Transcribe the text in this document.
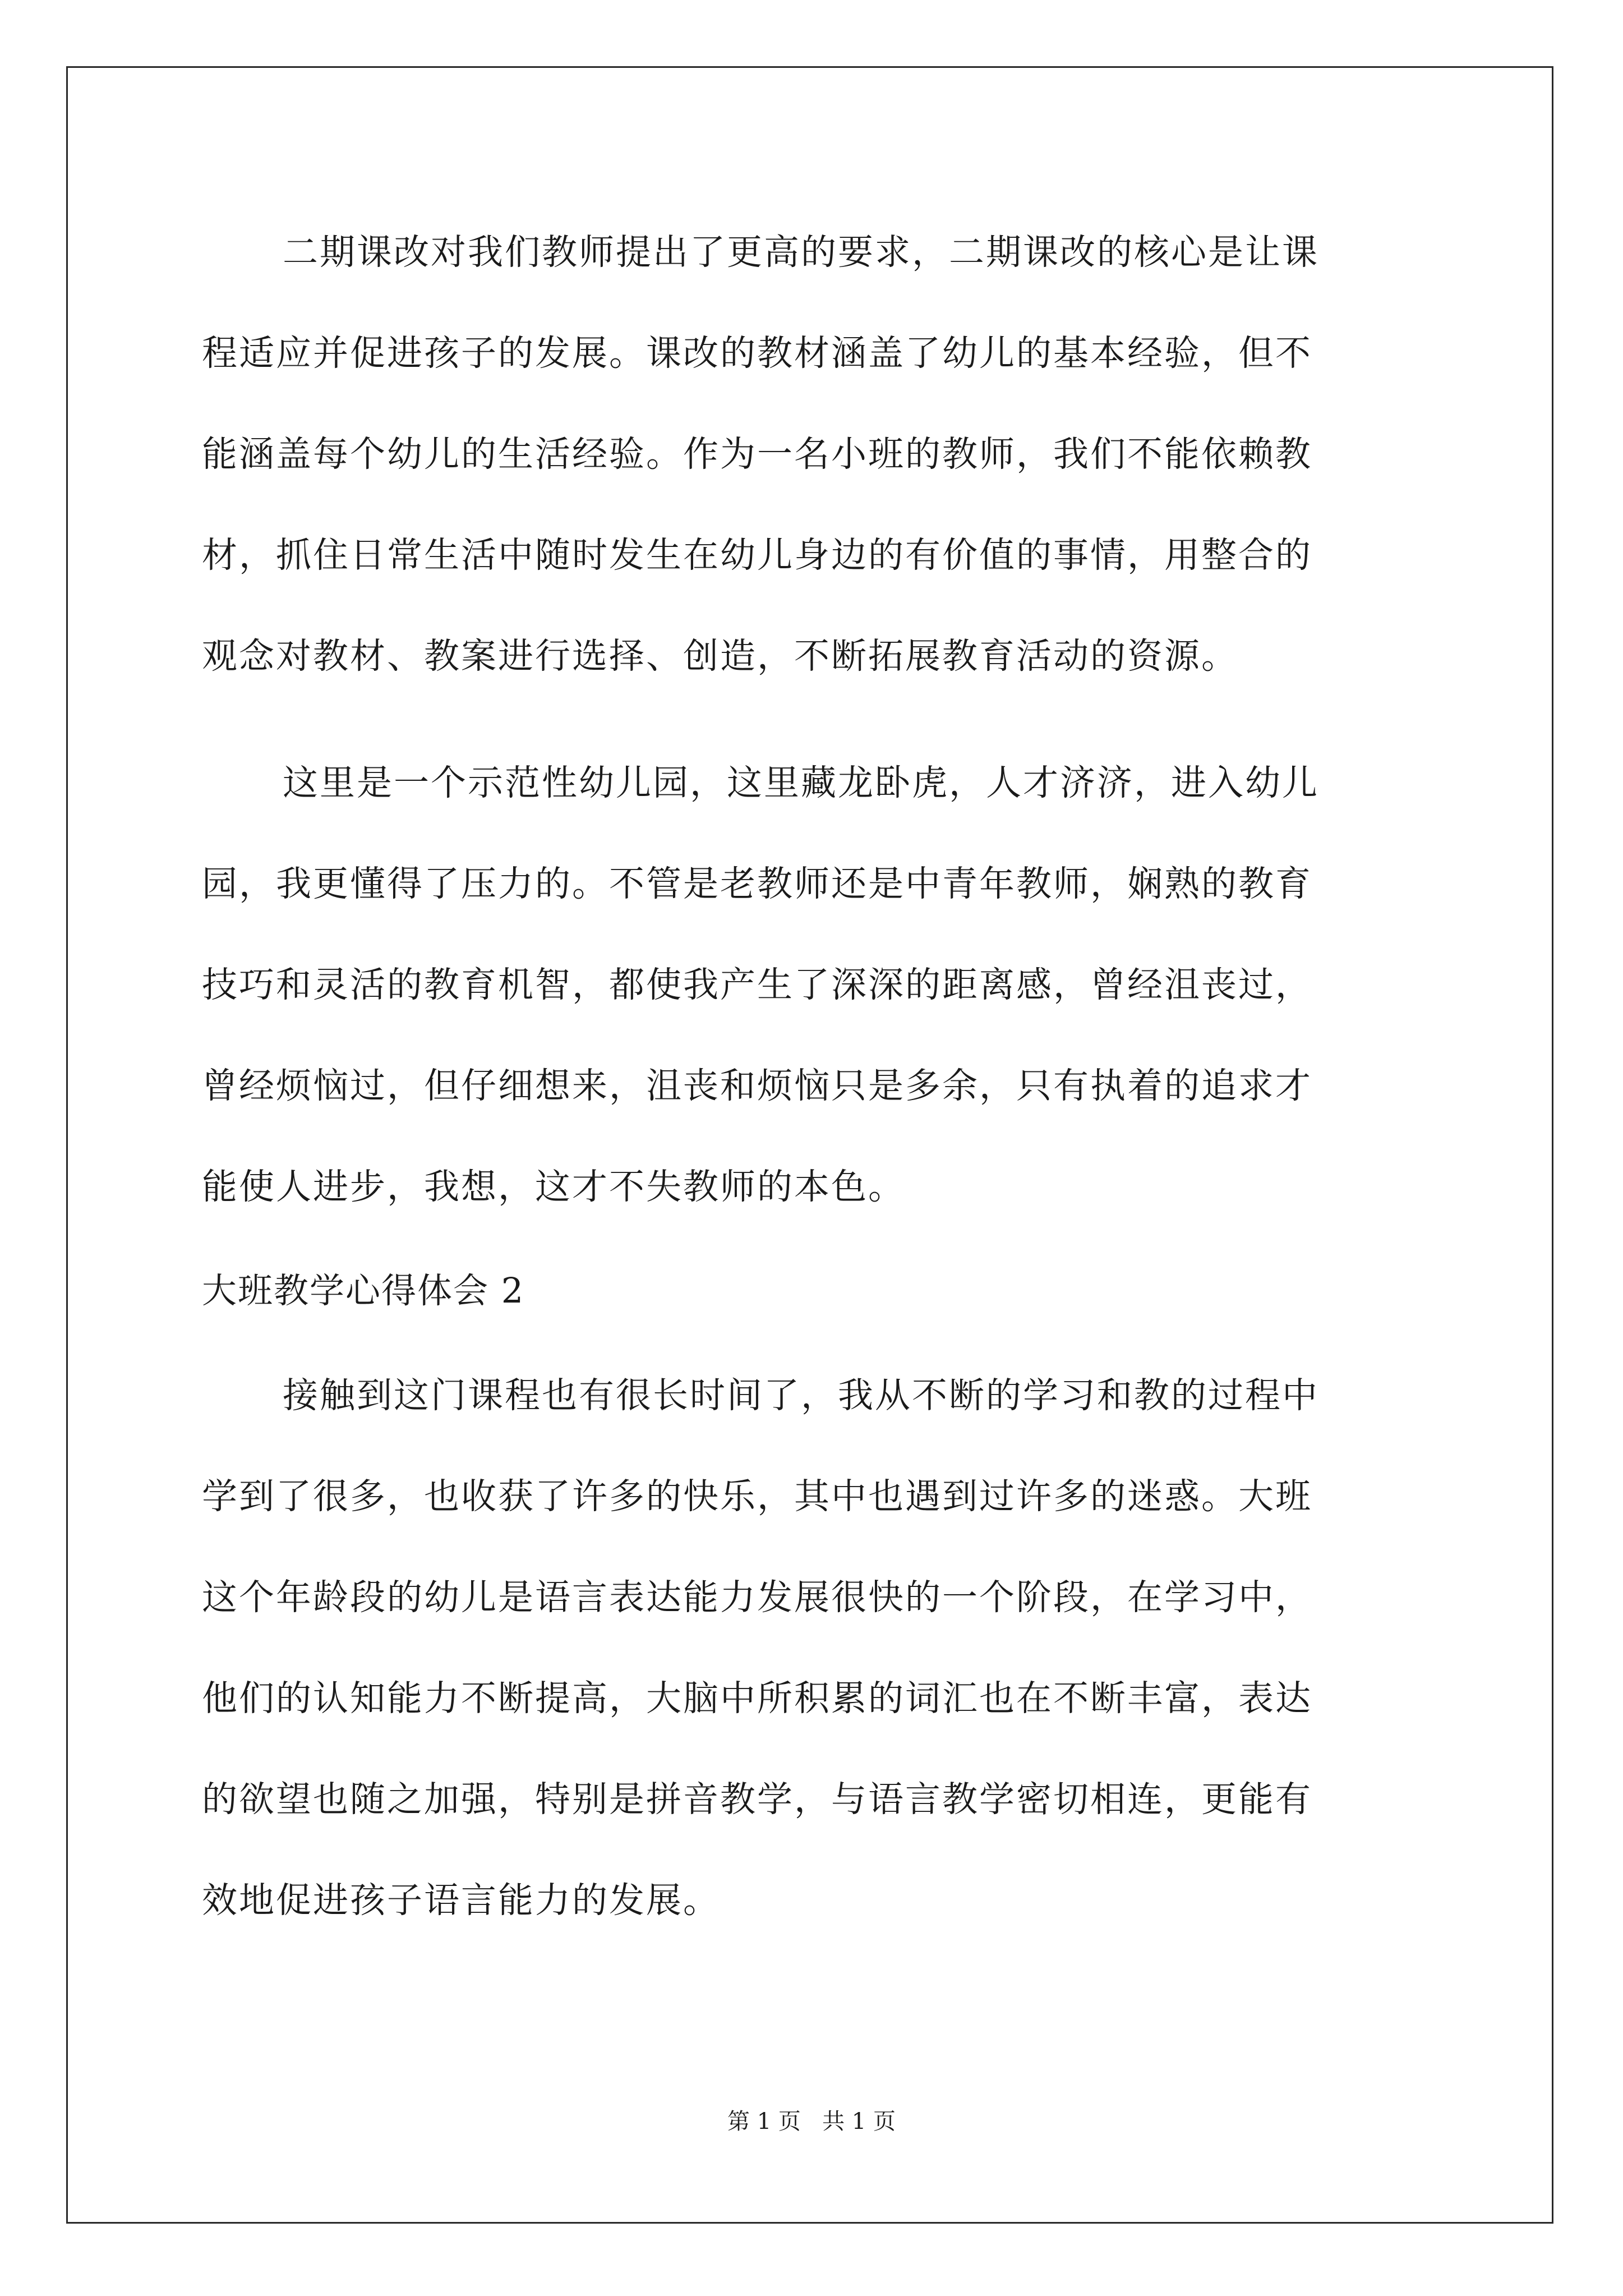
二期课改对我们教师提出了更高的要求，二期课改的核心是让课
程适应并促进孩子的发展。课改的教材涵盖了幼儿的基本经验，但不
能涵盖每个幼儿的生活经验。作为一名小班的教师，我们不能依赖教
材，抓住日常生活中随时发生在幼儿身边的有价值的事情，用整合的
观念对教材、教案进行选择、创造，不断拓展教育活动的资源。
这里是一个示范性幼儿园，这里藏龙卧虎，人才济济，进入幼儿
园，我更懂得了压力的。不管是老教师还是中青年教师，娴熟的教育
技巧和灵活的教育机智，都使我产生了深深的距离感，曾经沮丧过，
曾经烦恼过，但仔细想来，沮丧和烦恼只是多余，只有执着的追求才
能使人进步，我想，这才不失教师的本色。
大班教学心得体会 2
接触到这门课程也有很长时间了，我从不断的学习和教的过程中
学到了很多，也收获了许多的快乐，其中也遇到过许多的迷惑。大班
这个年龄段的幼儿是语言表达能力发展很快的一个阶段，在学习中，
他们的认知能力不断提高，大脑中所积累的词汇也在不断丰富，表达
的欲望也随之加强，特别是拼音教学，与语言教学密切相连，更能有
效地促进孩子语言能力的发展。
第 1 页   共 1 页
